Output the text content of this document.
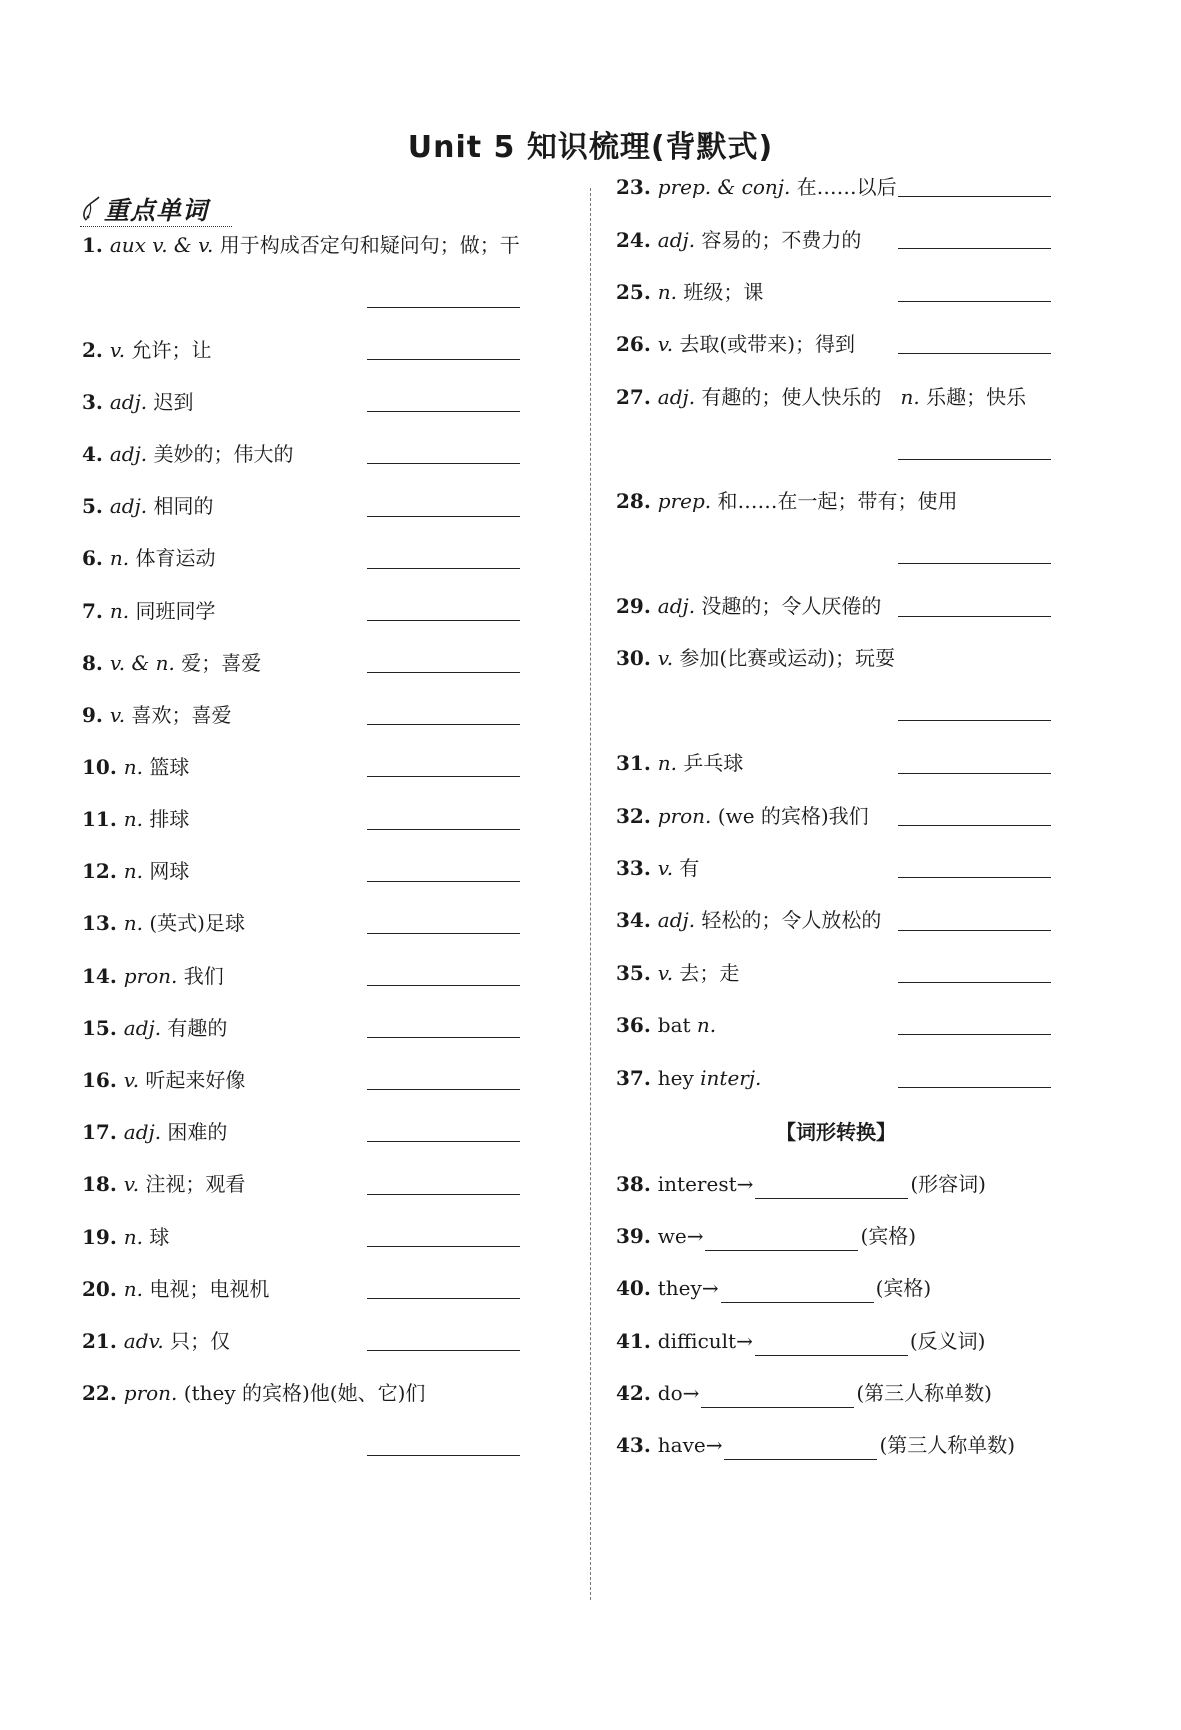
Unit 5 知识梳理(背默式)
重点单词
1. aux v. & v. 用于构成否定句和疑问句；做；干
2. v. 允许；让
3. adj. 迟到
4. adj. 美妙的；伟大的
5. adj. 相同的
6. n. 体育运动
7. n. 同班同学
8. v. & n. 爱；喜爱
9. v. 喜欢；喜爱
10. n. 篮球
11. n. 排球
12. n. 网球
13. n. (英式)足球
14. pron. 我们
15. adj. 有趣的
16. v. 听起来好像
17. adj. 困难的
18. v. 注视；观看
19. n. 球
20. n. 电视；电视机
21. adv. 只；仅
22. pron. (they 的宾格)他(她、它)们
23. prep. & conj. 在……以后
24. adj. 容易的；不费力的
25. n. 班级；课
26. v. 去取(或带来)；得到
27. adj. 有趣的；使人快乐的 n. 乐趣；快乐
28. prep. 和……在一起；带有；使用
29. adj. 没趣的；令人厌倦的
30. v. 参加(比赛或运动)；玩耍
31. n. 乒乓球
32. pron. (we 的宾格)我们
33. v. 有
34. adj. 轻松的；令人放松的
35. v. 去；走
36. bat n.
37. hey interj.
【词形转换】
38. interest→	(形容词)
39. we→	(宾格)
40. they→	(宾格)
41. difficult→	(反义词)
42. do→	(第三人称单数)
43. have→	(第三人称单数)
